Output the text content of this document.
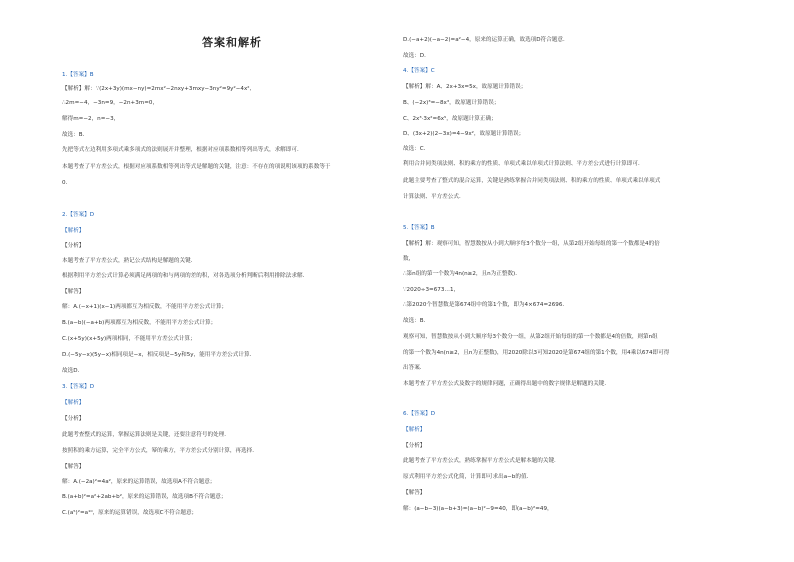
答案和解析
1.【答案】B
【解析】解：∵(2x+3y)(mx−ny)=2mx²−2nxy+3mxy−3ny²=9y²−4x²,
∴2m=−4，−3n=9，−2n+3m=0，
解得m=−2，n=−3，
故选：B．
先把等式左边利用多项式乘多项式的法则展开并整理，根据对应项系数相等列出等式，求解即可．
本题考查了平方差公式，根据对应项系数相等列出等式是解题的关键，注意：不存在的项说明该项的系数等于
0．
2.【答案】D
【解析】
【分析】
本题考查了平方差公式，熟记公式结构是解题的关键．
根据利用平方差公式计算必须满足两项的和与两项的差的积，对各选项分析判断后利用排除法求解．
【解答】
解：A.(−x+1)(x−1)两项都互为相反数，不能用平方差公式计算；
B.(a−b)(−a+b)两项都互为相反数，不能用平方差公式计算；
C.(x+5y)(x+5y)两项相同，不能用平方差公式计算；
D.(−5y−x)(5y−x)相同项是−x，相反项是−5y和5y，能用平方差公式计算．
故选D．
3.【答案】D
【解析】
【分析】
此题考查整式的运算，掌握运算法则是关键，还要注意符号的处理．
按照积的乘方运算，完全平方公式，幂的乘方，平方差公式分别计算，再选择．
【解答】
解：A.(−2a)²=4a²，原来的运算错误，故选项A不符合题意；
B.(a+b)²=a²+2ab+b²，原来的运算错误，故选项B不符合题意；
C.(a⁵)²=a¹⁰，原来的运算错误，故选项C不符合题意；
D.(−a+2)(−a−2)=a²−4，原来的运算正确，故选项D符合题意．
故选：D．
4.【答案】C
【解析】解：A、2x+3x=5x，故原题计算错误；
B、(−2x)³=−8x³，故原题计算错误；
C、2x³·3x²=6x⁵，故原题计算正确；
D、(3x+2)(2−3x)=4−9x²，故原题计算错误；
故选：C．
利用合并同类项法则、积的乘方的性质、单项式乘以单项式计算法则、平方差公式进行计算即可．
此题主要考查了整式的混合运算，关键是熟练掌握合并同类项法则、积的乘方的性质、单项式乘以单项式
计算法则、平方差公式．
5.【答案】B
【解析】解：观察可知，智慧数按从小到大顺序每3个数分一组，从第2组开始每组的第一个数都是4的倍
数，
∴第n组的第一个数为4n(n≥2，且n为正整数)．
∵2020÷3=673…1，
∴第2020个智慧数是第674组中的第1个数，即为4×674=2696．
故选：B．
观察可知，智慧数按从小到大顺序每3个数分一组，从第2组开始每组的第一个数都是4的倍数，则第n组
的第一个数为4n(n≥2，且n为正整数)，用2020除以3可知2020是第674组的第1个数，用4乘以674即可得
出答案．
本题考查了平方差公式及数字的规律问题，正确得出题中的数字规律是解题的关键．
6.【答案】D
【解析】
【分析】
此题考查了平方差公式，熟练掌握平方差公式是解本题的关键．
原式利用平方差公式化简，计算即可求出a−b的值．
【解答】
解：(a−b−3)(a−b+3)=(a−b)²−9=40，即(a−b)²=49，
